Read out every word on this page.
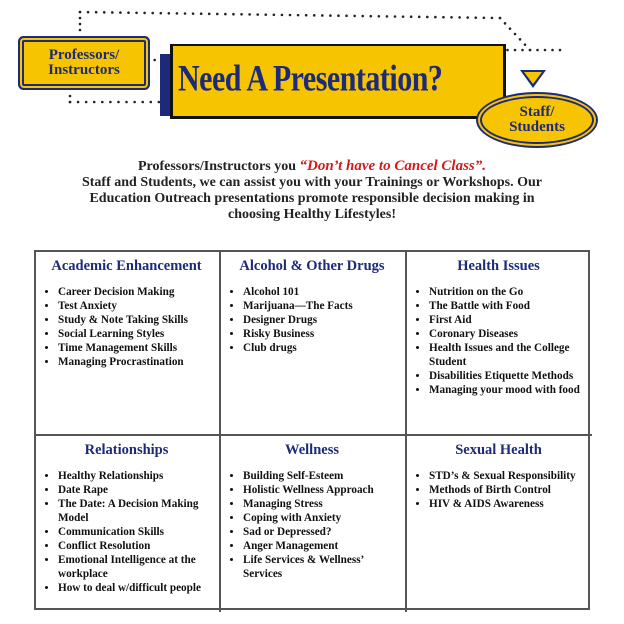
Professors/
Instructors Need A Presentation?
Staff/
Students
Professors/Instructors you “Don’t have to Cancel Class”.
Staff and Students, we can assist you with your Trainings or Workshops. Our
Education Outreach presentations promote responsible decision making in
choosing Healthy Lifestyles!
Academic Enhancement
• Career Decision Making
• Test Anxiety
• Study & Note Taking Skills
• Social Learning Styles
• Time Management Skills
• Managing Procrastination
Alcohol & Other Drugs
• Alcohol 101
• Marijuana—The Facts
• Designer Drugs
• Risky Business
• Club drugs
Health Issues
• Nutrition on the Go
• The Battle with Food
• First Aid
• Coronary Diseases
• Health Issues and the College Student
• Disabilities Etiquette Methods
• Managing your mood with food
Relationships
• Healthy Relationships
• Date Rape
• The Date: A Decision Making Model
• Communication Skills
• Conflict Resolution
• Emotional Intelligence at the workplace
• How to deal w/difficult people
Wellness
• Building Self-Esteem
• Holistic Wellness Approach
• Managing Stress
• Coping with Anxiety
• Sad or Depressed?
• Anger Management
• Life Services & Wellness’ Services
Sexual Health
• STD’s & Sexual Responsibility
• Methods of Birth Control
• HIV & AIDS Awareness
